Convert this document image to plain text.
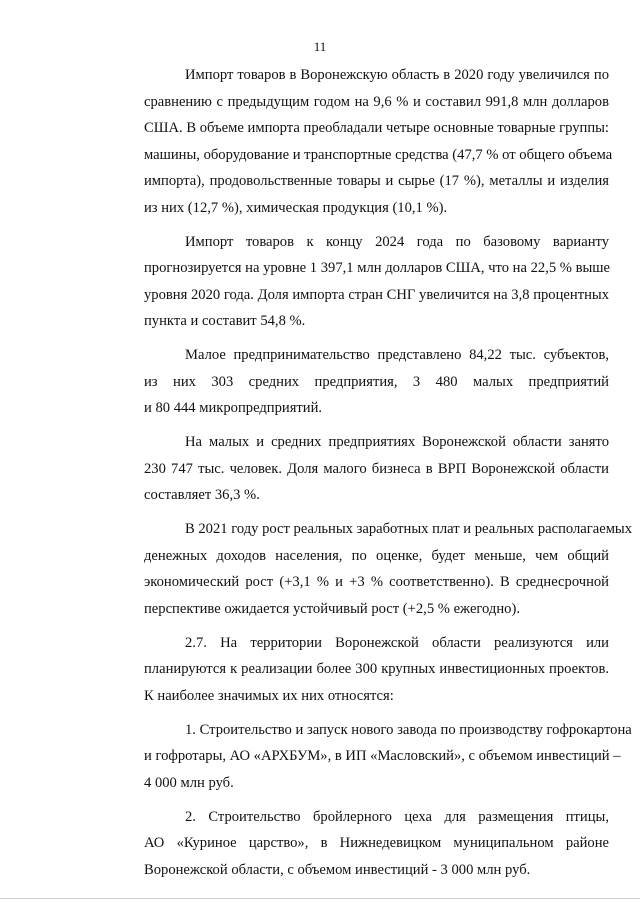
11

Импорт товаров в Воронежскую область в 2020 году увеличился по
сравнению с предыдущим годом на 9,6 % и составил 991,8 млн долларов
США. В объеме импорта преобладали четыре основные товарные группы:
машины, оборудование и транспортные средства (47,7 % от общего объема
импорта), продовольственные товары и сырье (17 %), металлы и изделия
из них (12,7 %), химическая продукция (10,1 %).

Импорт товаров к концу 2024 года по базовому варианту
прогнозируется на уровне 1 397,1 млн долларов США, что на 22,5 % выше
уровня 2020 года. Доля импорта стран СНГ увеличится на 3,8 процентных
пункта и составит 54,8 %.

Малое предпринимательство представлено 84,22 тыс. субъектов,
из них 303 средних предприятия, 3 480 малых предприятий
и 80 444 микропредприятий.

На малых и средних предприятиях Воронежской области занято
230 747 тыс. человек. Доля малого бизнеса в ВРП Воронежской области
составляет 36,3 %.

В 2021 году рост реальных заработных плат и реальных располагаемых
денежных доходов населения, по оценке, будет меньше, чем общий
экономический рост (+3,1 % и +3 % соответственно). В среднесрочной
перспективе ожидается устойчивый рост (+2,5 % ежегодно).

2.7. На территории Воронежской области реализуются или
планируются к реализации более 300 крупных инвестиционных проектов.
К наиболее значимых их них относятся:

1. Строительство и запуск нового завода по производству гофрокартона
и гофротары, АО «АРХБУМ», в ИП «Масловский», с объемом инвестиций –
4 000 млн руб.

2. Строительство бройлерного цеха для размещения птицы,
АО «Куриное царство», в Нижнедевицком муниципальном районе
Воронежской области, с объемом инвестиций - 3 000 млн руб.
